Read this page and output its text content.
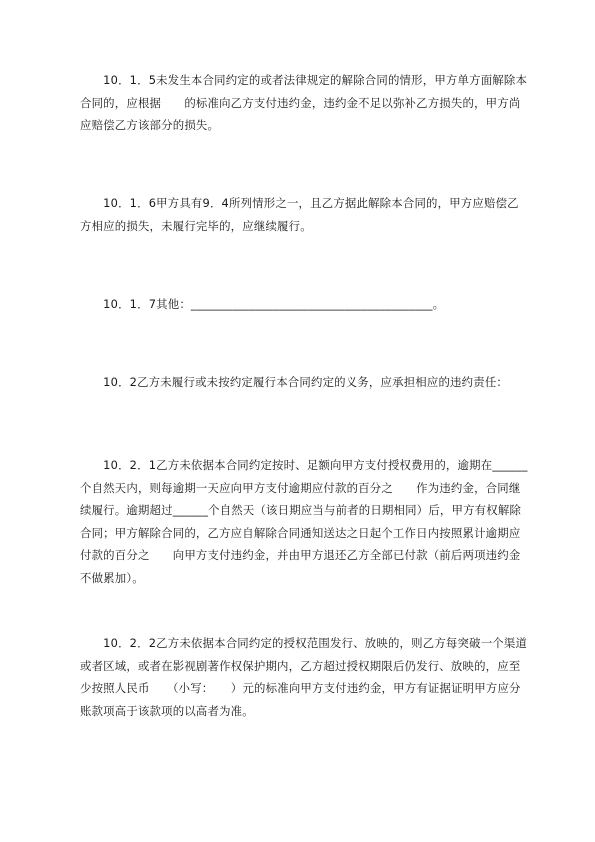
　　10．1．5未发生本合同约定的或者法律规定的解除合同的情形，甲方单方面解除本合同的，应根据　　的标准向乙方支付违约金，违约金不足以弥补乙方损失的，甲方尚应赔偿乙方该部分的损失。

　　10．1．6甲方具有9．4所列情形之一，且乙方据此解除本合同的，甲方应赔偿乙方相应的损失，未履行完毕的，应继续履行。

　　10．1．7其他：_________________________________________。

　　10．2乙方未履行或未按约定履行本合同约定的义务，应承担相应的违约责任：

　　10．2．1乙方未依据本合同约定按时、足额向甲方支付授权费用的，逾期在______个自然天内，则每逾期一天应向甲方支付逾期应付款的百分之　　作为违约金，合同继续履行。逾期超过______个自然天（该日期应当与前者的日期相同）后，甲方有权解除合同；甲方解除合同的，乙方应自解除合同通知送达之日起个工作日内按照累计逾期应付款的百分之　　向甲方支付违约金，并由甲方退还乙方全部已付款（前后两项违约金不做累加）。

　　10．2．2乙方未依据本合同约定的授权范围发行、放映的，则乙方每突破一个渠道或者区域，或者在影视剧著作权保护期内，乙方超过授权期限后仍发行、放映的，应至少按照人民币　　（小写：　　）元的标准向甲方支付违约金，甲方有证据证明甲方应分账款项高于该款项的以高者为准。
